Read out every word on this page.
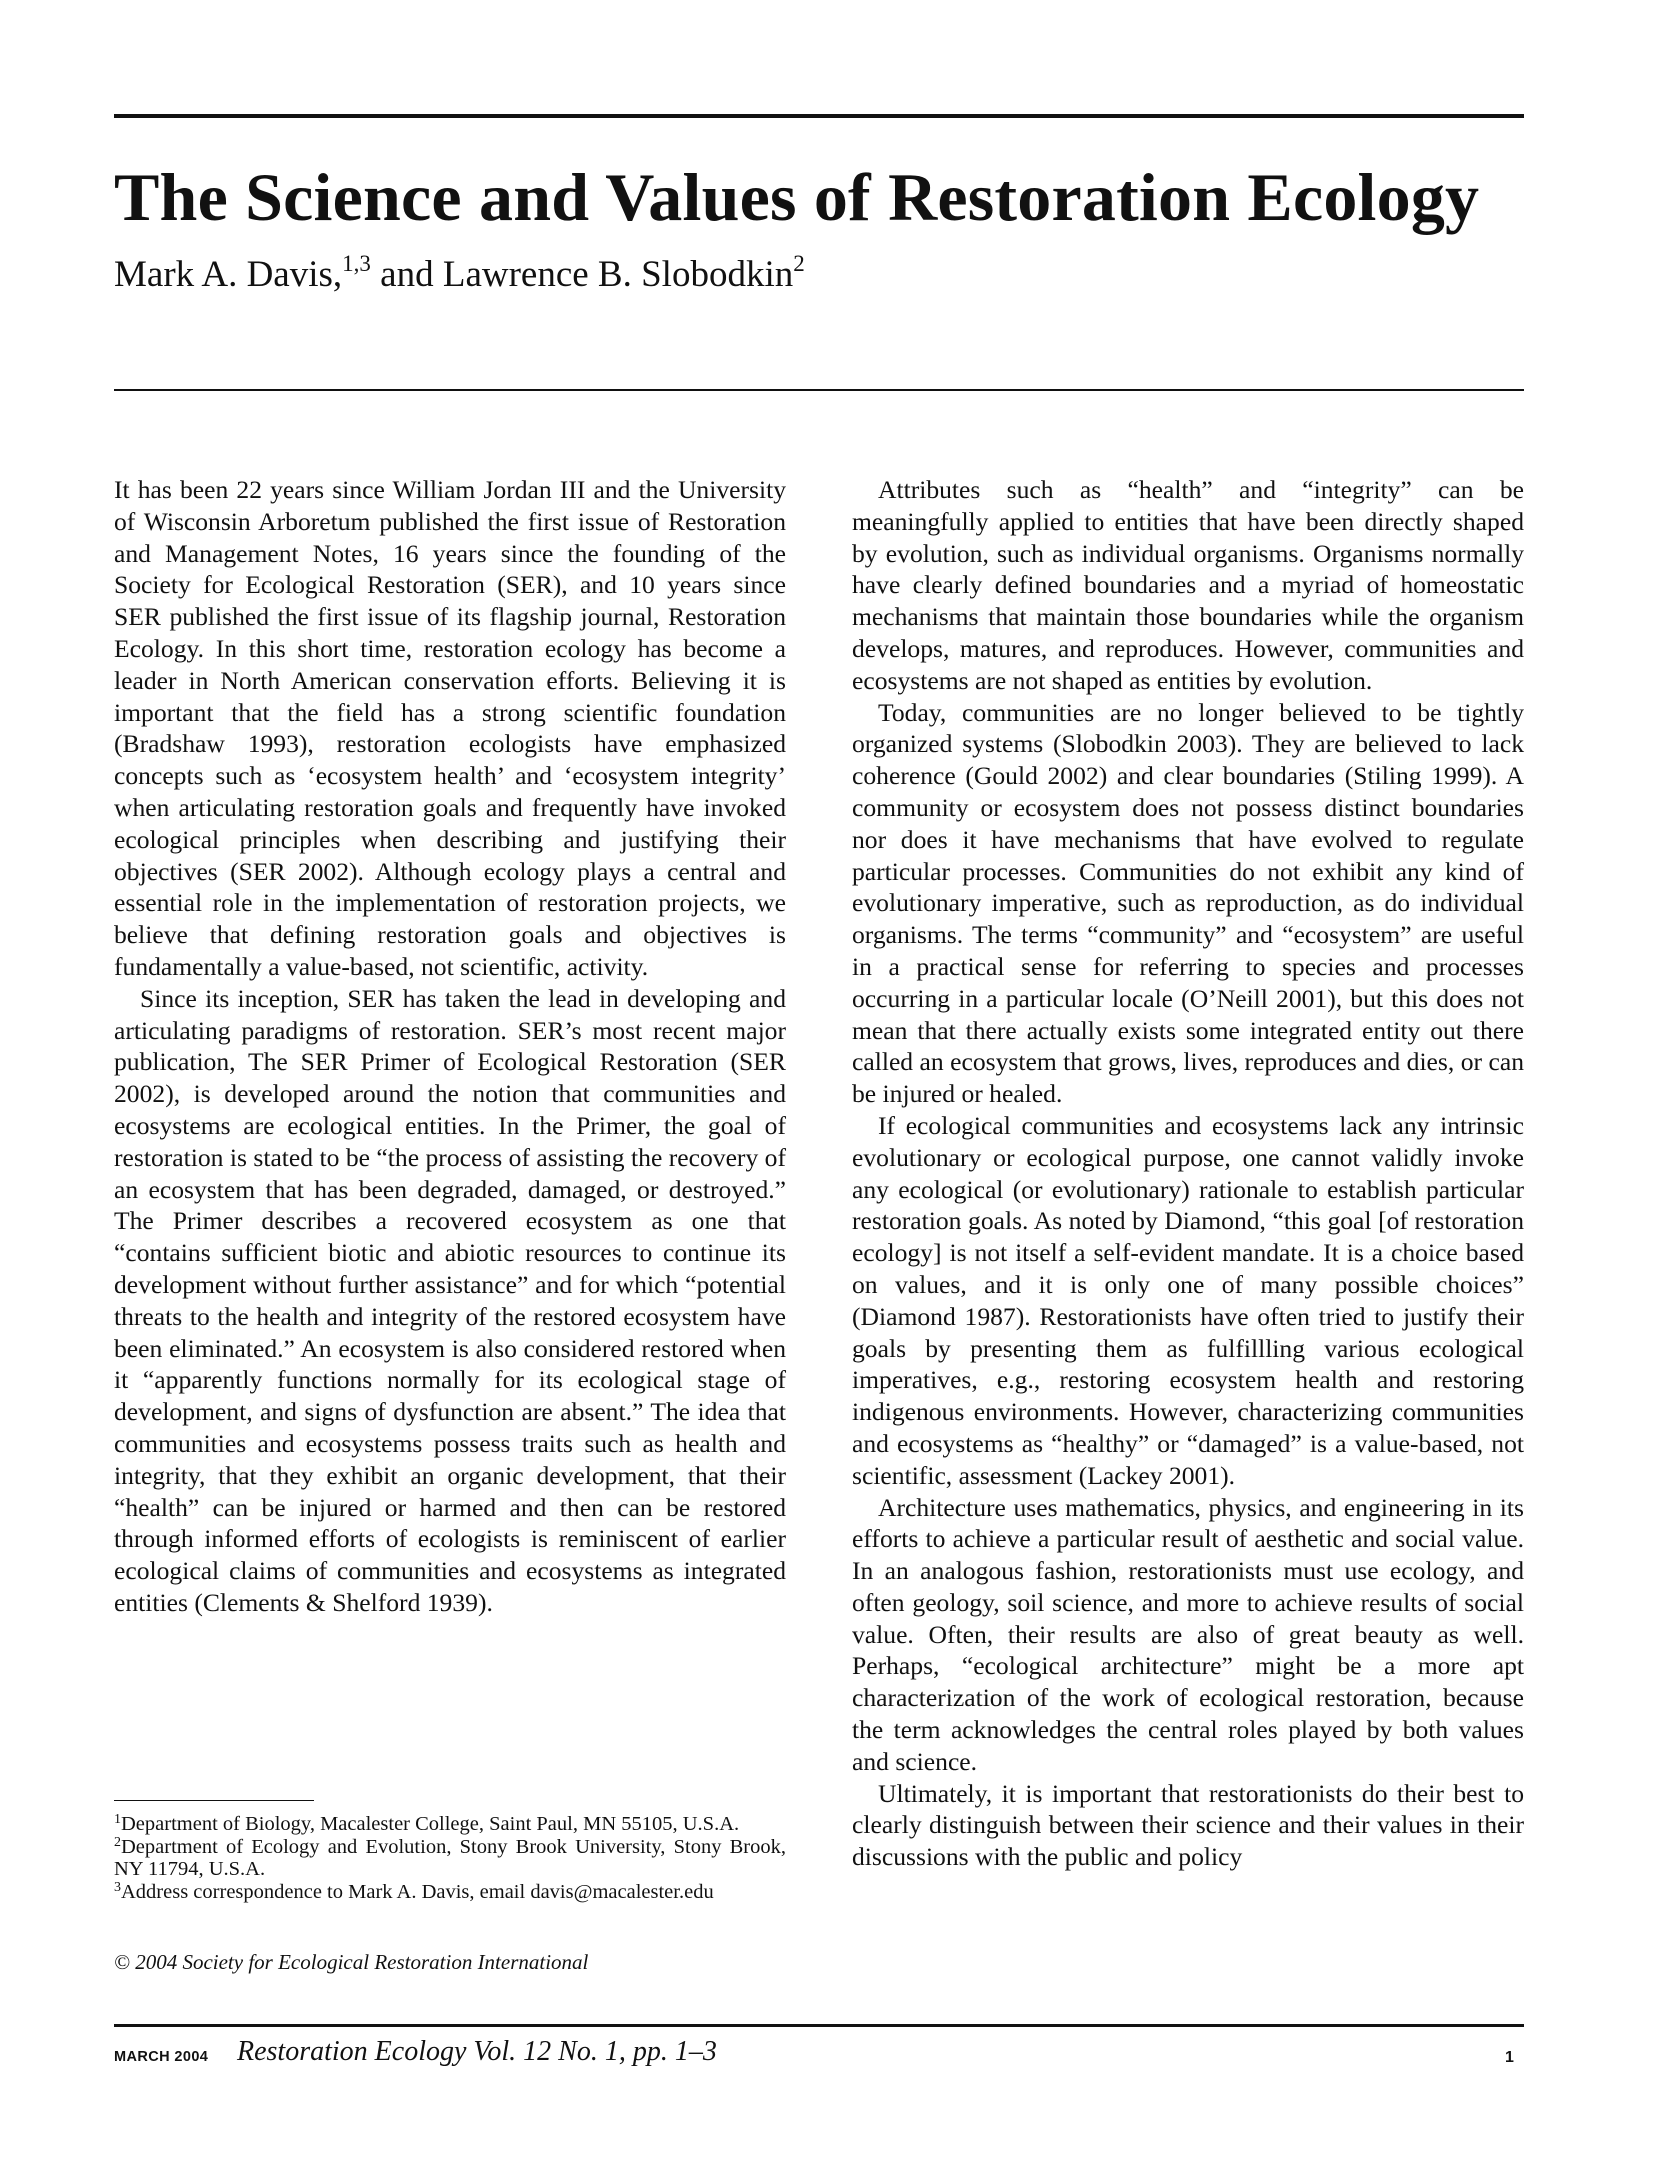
The Science and Values of Restoration Ecology

Mark A. Davis,$^{1,3}$ and Lawrence B. Slobodkin$^2$

It has been 22 years since William Jordan III and the University of Wisconsin Arboretum published the first issue of Restoration and Management Notes, 16 years since the founding of the Society for Ecological Restoration (SER), and 10 years since SER published the first issue of its flagship journal, Restoration Ecology. In this short time, restoration ecology has become a leader in North American conservation efforts. Believing it is important that the field has a strong scientific foundation (Bradshaw 1993), restoration ecologists have emphasized concepts such as ‘ecosystem health’ and ‘ecosystem integrity’ when articulating restoration goals and frequently have invoked ecological principles when describing and justifying their objectives (SER 2002). Although ecology plays a central and essential role in the implementation of restoration projects, we believe that defining restoration goals and objectives is fundamentally a value-based, not scientific, activity.

Since its inception, SER has taken the lead in developing and articulating paradigms of restoration. SER’s most recent major publication, The SER Primer of Ecological Restoration (SER 2002), is developed around the notion that communities and ecosystems are ecological entities. In the Primer, the goal of restoration is stated to be “the process of assisting the recovery of an ecosystem that has been degraded, damaged, or destroyed.” The Primer describes a recovered ecosystem as one that “contains sufficient biotic and abiotic resources to continue its development without further assistance” and for which “potential threats to the health and integrity of the restored ecosystem have been eliminated.” An ecosystem is also considered restored when it “apparently functions normally for its ecological stage of development, and signs of dysfunction are absent.” The idea that communities and ecosystems possess traits such as health and integrity, that they exhibit an organic development, that their “health” can be injured or harmed and then can be restored through informed efforts of ecologists is reminiscent of earlier ecological claims of communities and ecosystems as integrated entities (Clements & Shelford 1939).

Attributes such as “health” and “integrity” can be meaningfully applied to entities that have been directly shaped by evolution, such as individual organisms. Organisms normally have clearly defined boundaries and a myriad of homeostatic mechanisms that maintain those boundaries while the organism develops, matures, and reproduces. However, communities and ecosystems are not shaped as entities by evolution.

Today, communities are no longer believed to be tightly organized systems (Slobodkin 2003). They are believed to lack coherence (Gould 2002) and clear boundaries (Stiling 1999). A community or ecosystem does not possess distinct boundaries nor does it have mechanisms that have evolved to regulate particular processes. Communities do not exhibit any kind of evolutionary imperative, such as reproduction, as do individual organisms. The terms “community” and “ecosystem” are useful in a practical sense for referring to species and processes occurring in a particular locale (O’Neill 2001), but this does not mean that there actually exists some integrated entity out there called an ecosystem that grows, lives, reproduces and dies, or can be injured or healed.

If ecological communities and ecosystems lack any intrinsic evolutionary or ecological purpose, one cannot validly invoke any ecological (or evolutionary) rationale to establish particular restoration goals. As noted by Diamond, “this goal [of restoration ecology] is not itself a self-evident mandate. It is a choice based on values, and it is only one of many possible choices” (Diamond 1987). Restorationists have often tried to justify their goals by presenting them as fulfillling various ecological imperatives, e.g., restoring ecosystem health and restoring indigenous environments. However, characterizing communities and ecosystems as “healthy” or “damaged” is a value-based, not scientific, assessment (Lackey 2001).

Architecture uses mathematics, physics, and engineering in its efforts to achieve a particular result of aesthetic and social value. In an analogous fashion, restorationists must use ecology, and often geology, soil science, and more to achieve results of social value. Often, their results are also of great beauty as well. Perhaps, “ecological architecture” might be a more apt characterization of the work of ecological restoration, because the term acknowledges the central roles played by both values and science.

Ultimately, it is important that restorationists do their best to clearly distinguish between their science and their values in their discussions with the public and policy

$^1$Department of Biology, Macalester College, Saint Paul, MN 55105, U.S.A.

$^2$Department of Ecology and Evolution, Stony Brook University, Stony Brook, NY 11794, U.S.A.

$^3$Address correspondence to Mark A. Davis, email davis@macalester.edu

© 2004 Society for Ecological Restoration International

MARCH 2004 Restoration Ecology Vol. 12 No. 1, pp. 1–3	1
